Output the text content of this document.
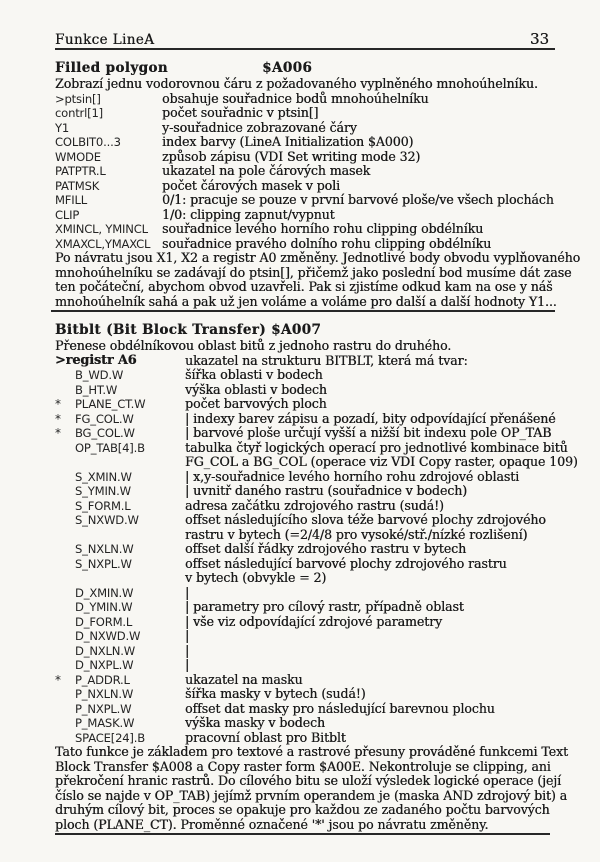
Funkce LineA	33
Filled polygon	$A006
Zobrazí jednu vodorovnou čáru z požadovaného vyplněného mnohoúhelníku.
>ptsin[]	obsahuje souřadnice bodů mnohoúhelníku
contrl[1]	počet souřadnic v ptsin[]
Y1	y-souřadnice zobrazované čáry
COLBIT0...3	index barvy (LineA Initialization $A000)
WMODE	způsob zápisu (VDI Set writing mode 32)
PATPTR.L	ukazatel na pole čárových masek
PATMSK	počet čárových masek v poli
MFILL	0/1: pracuje se pouze v první barvové ploše/ve všech plochách
CLIP	1/0: clipping zapnut/vypnut
XMINCL, YMINCL	souřadnice levého horního rohu clipping obdélníku
XMAXCL,YMAXCL souřadnice pravého dolního rohu clipping obdélníku
Po návratu jsou X1, X2 a registr A0 změněny. Jednotlivé body obvodu vyplňovaného
mnohoúhelníku se zadávají do ptsin[], přičemž jako poslední bod musíme dát zase
ten počáteční, abychom obvod uzavřeli. Pak si zjistíme odkud kam na ose y náš
mnohoúhelník sahá a pak už jen voláme a voláme pro další a další hodnoty Y1...
Bitblt (Bit Block Transfer) $A007
Přenese obdélníkovou oblast bitů z jednoho rastru do druhého.
>registr A6	ukazatel na strukturu BITBLT, která má tvar:
B_WD.W	šířka oblasti v bodech
B_HT.W	výška oblasti v bodech
*	PLANE_CT.W	počet barvových ploch
*	FG_COL.W	| indexy barev zápisu a pozadí, bity odpovídající přenášené
*	BG_COL.W	| barvové ploše určují vyšší a nižší bit indexu pole OP_TAB
OP_TAB[4].B	tabulka čtyř logických operací pro jednotlivé kombinace bitů
FG_COL a BG_COL (operace viz VDI Copy raster, opaque 109)
S_XMIN.W	| x,y-souřadnice levého horního rohu zdrojové oblasti
S_YMIN.W	| uvnitř daného rastru (souřadnice v bodech)
S_FORM.L	adresa začátku zdrojového rastru (sudá!)
S_NXWD.W	offset následujícího slova téže barvové plochy zdrojového
rastru v bytech (=2/4/8 pro vysoké/stř./nízké rozlišení)
S_NXLN.W	offset další řádky zdrojového rastru v bytech
S_NXPL.W	offset následující barvové plochy zdrojového rastru
v bytech (obvykle = 2)
D_XMIN.W	|
D_YMIN.W	| parametry pro cílový rastr, případně oblast
D_FORM.L	| vše viz odpovídající zdrojové parametry
D_NXWD.W	|
D_NXLN.W	|
D_NXPL.W	|
*	P_ADDR.L	ukazatel na masku
P_NXLN.W	šířka masky v bytech (sudá!)
P_NXPL.W	offset dat masky pro následující barevnou plochu
P_MASK.W	výška masky v bodech
SPACE[24].B	pracovní oblast pro Bitblt
Tato funkce je základem pro textové a rastrové přesuny prováděné funkcemi Text
Block Transfer $A008 a Copy raster form $A00E. Nekontroluje se clipping, ani
překročení hranic rastrů. Do cílového bitu se uloží výsledek logické operace (její
číslo se najde v OP_TAB) jejímž prvním operandem je (maska AND zdrojový bit) a
druhým cílový bit, proces se opakuje pro každou ze zadaného počtu barvových
ploch (PLANE_CT). Proměnné označené '*' jsou po návratu změněny.
